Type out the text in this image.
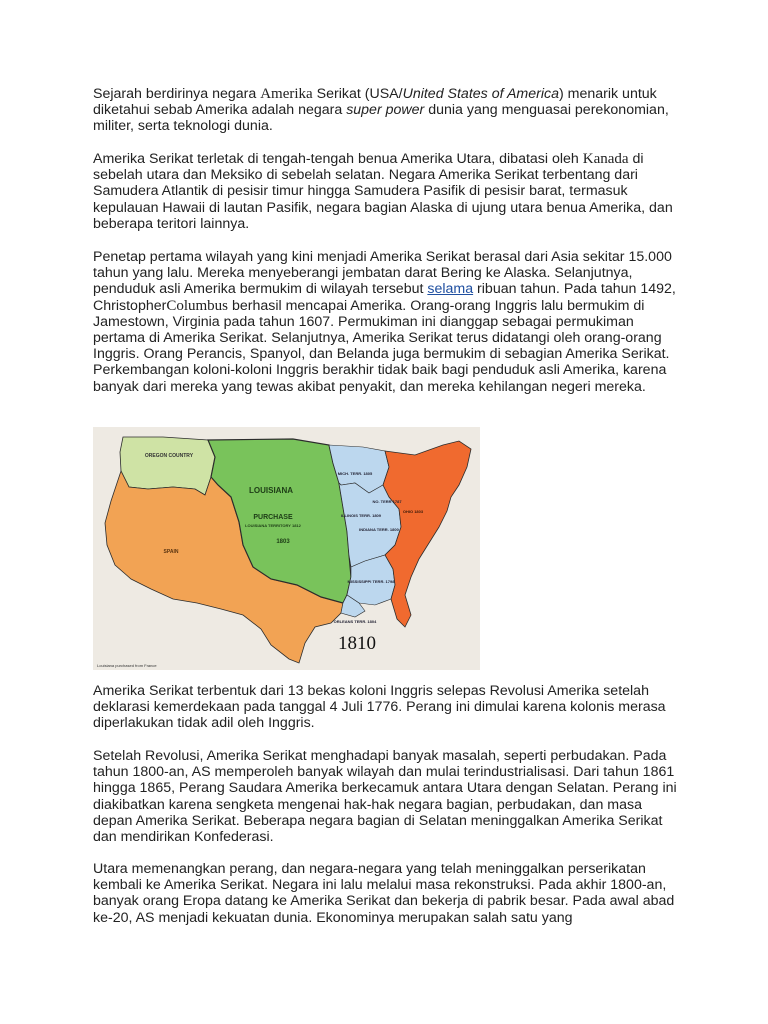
Sejarah berdirinya negara Amerika Serikat (USA/United States of America) menarik untuk diketahui sebab Amerika adalah negara super power dunia yang menguasai perekonomian, militer, serta teknologi dunia.

Amerika Serikat terletak di tengah-tengah benua Amerika Utara, dibatasi oleh Kanada di sebelah utara dan Meksiko di sebelah selatan. Negara Amerika Serikat terbentang dari Samudera Atlantik di pesisir timur hingga Samudera Pasifik di pesisir barat, termasuk kepulauan Hawaii di lautan Pasifik, negara bagian Alaska di ujung utara benua Amerika, dan beberapa teritori lainnya.

Penetap pertama wilayah yang kini menjadi Amerika Serikat berasal dari Asia sekitar 15.000 tahun yang lalu. Mereka menyeberangi jembatan darat Bering ke Alaska. Selanjutnya, penduduk asli Amerika bermukim di wilayah tersebut selama ribuan tahun. Pada tahun 1492, ChristopherColumbus berhasil mencapai Amerika. Orang-orang Inggris lalu bermukim di Jamestown, Virginia pada tahun 1607. Permukiman ini dianggap sebagai permukiman pertama di Amerika Serikat. Selanjutnya, Amerika Serikat terus didatangi oleh orang-orang Inggris. Orang Perancis, Spanyol, dan Belanda juga bermukim di sebagian Amerika Serikat. Perkembangan koloni-koloni Inggris berakhir tidak baik bagi penduduk asli Amerika, karena banyak dari mereka yang tewas akibat penyakit, dan mereka kehilangan negeri mereka.

OREGON COUNTRY
LOUISIANA
PURCHASE
LOUISIANA TERRITORY 1812
1803
MICH. TERR. 1805
ILLINOIS TERR. 1809
INDIANA TERR. 1800
NO. TERR 1787
OHIO 1803
MISSISSIPPI TERR. 1798
ORLEANS TERR. 1804
SPAIN
1810
Louisiana purchased from France

Amerika Serikat terbentuk dari 13 bekas koloni Inggris selepas Revolusi Amerika setelah deklarasi kemerdekaan pada tanggal 4 Juli 1776. Perang ini dimulai karena kolonis merasa diperlakukan tidak adil oleh Inggris.

Setelah Revolusi, Amerika Serikat menghadapi banyak masalah, seperti perbudakan. Pada tahun 1800-an, AS memperoleh banyak wilayah dan mulai terindustrialisasi. Dari tahun 1861 hingga 1865, Perang Saudara Amerika berkecamuk antara Utara dengan Selatan. Perang ini diakibatkan karena sengketa mengenai hak-hak negara bagian, perbudakan, dan masa depan Amerika Serikat. Beberapa negara bagian di Selatan meninggalkan Amerika Serikat dan mendirikan Konfederasi.

Utara memenangkan perang, dan negara-negara yang telah meninggalkan perserikatan kembali ke Amerika Serikat. Negara ini lalu melalui masa rekonstruksi. Pada akhir 1800-an, banyak orang Eropa datang ke Amerika Serikat dan bekerja di pabrik besar. Pada awal abad ke-20, AS menjadi kekuatan dunia. Ekonominya merupakan salah satu yang
